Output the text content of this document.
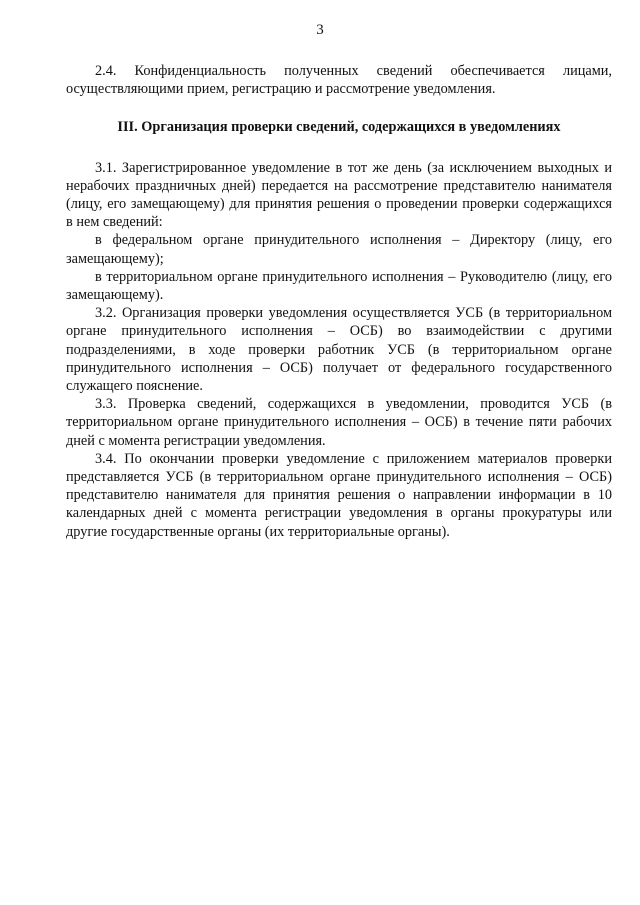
3

2.4. Конфиденциальность полученных сведений обеспечивается лицами, осуществляющими прием, регистрацию и рассмотрение уведомления.

III. Организация проверки сведений, содержащихся в уведомлениях

3.1. Зарегистрированное уведомление в тот же день (за исключением выходных и нерабочих праздничных дней) передается на рассмотрение представителю нанимателя (лицу, его замещающему) для принятия решения о проведении проверки содержащихся в нем сведений:

в федеральном органе принудительного исполнения – Директору (лицу, его замещающему);

в территориальном органе принудительного исполнения – Руководителю (лицу, его замещающему).

3.2. Организация проверки уведомления осуществляется УСБ (в территориальном органе принудительного исполнения – ОСБ) во взаимодействии с другими подразделениями, в ходе проверки работник УСБ (в территориальном органе принудительного исполнения – ОСБ) получает от федерального государственного служащего пояснение.

3.3. Проверка сведений, содержащихся в уведомлении, проводится УСБ (в территориальном органе принудительного исполнения – ОСБ) в течение пяти рабочих дней с момента регистрации уведомления.

3.4. По окончании проверки уведомление с приложением материалов проверки представляется УСБ (в территориальном органе принудительного исполнения – ОСБ) представителю нанимателя для принятия решения о направлении информации в 10 календарных дней с момента регистрации уведомления в органы прокуратуры или другие государственные органы (их территориальные органы).
